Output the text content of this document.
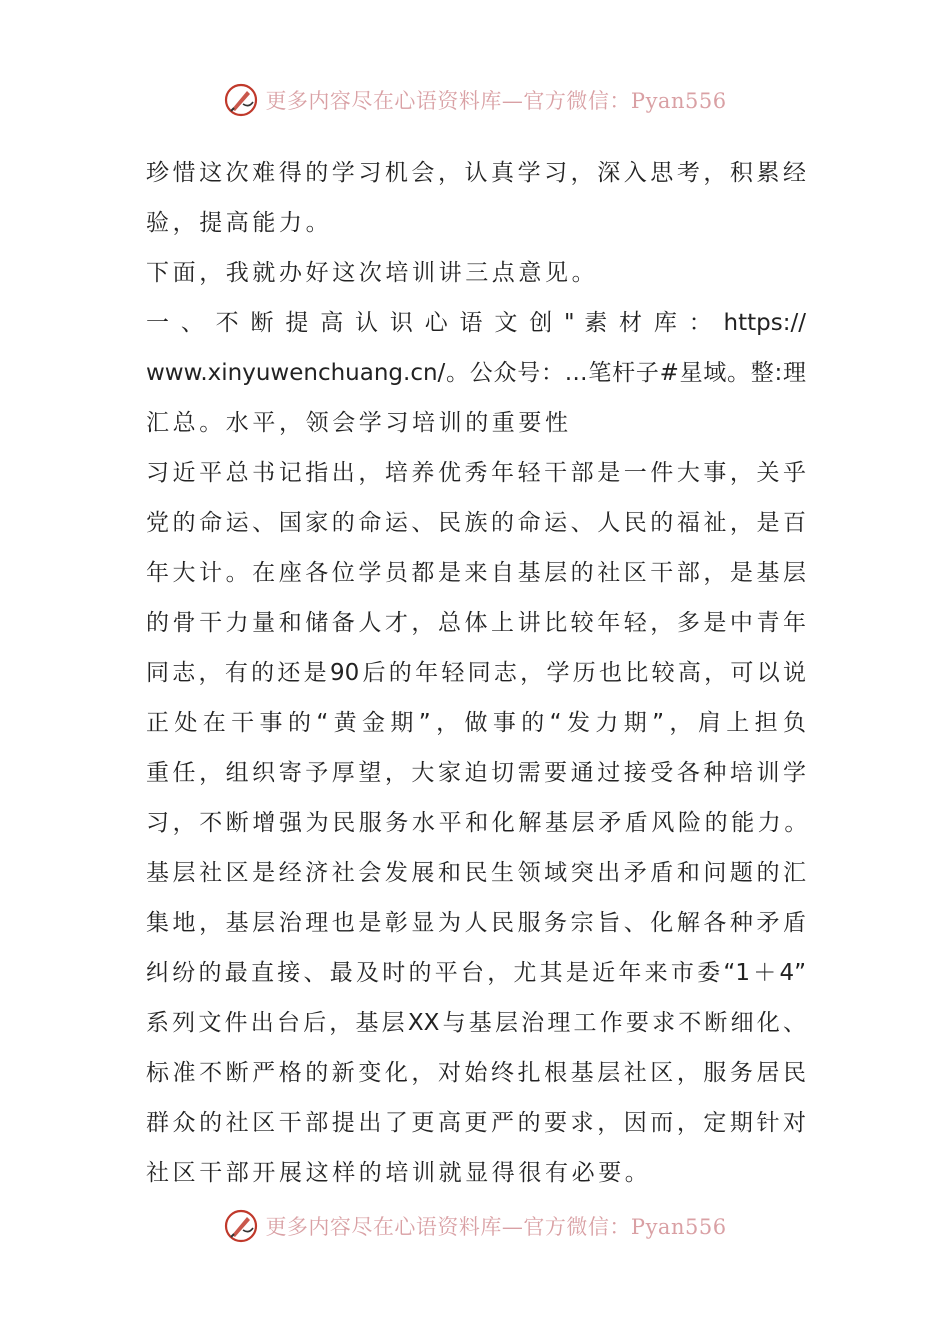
更多内容尽在心语资料库—官方微信：Pyan556
珍惜这次难得的学习机会，认真学习，深入思考，积累经
验，提高能力。
下面，我就办好这次培训讲三点意见。
一 、 不 断 提 高 认 识 心 语 文 创 " 素 材 库 ： https://
www.xinyuwenchuang.cn/。公众号：…笔杆子#星域。整:理
汇总。水平，领会学习培训的重要性
习近平总书记指出，培养优秀年轻干部是一件大事，关乎
党的命运、国家的命运、民族的命运、人民的福祉，是百
年大计。在座各位学员都是来自基层的社区干部，是基层
的骨干力量和储备人才，总体上讲比较年轻，多是中青年
同志，有的还是90后的年轻同志，学历也比较高，可以说
正处在干事的“黄金期”，做事的“发力期”，肩上担负
重任，组织寄予厚望，大家迫切需要通过接受各种培训学
习，不断增强为民服务水平和化解基层矛盾风险的能力。
基层社区是经济社会发展和民生领域突出矛盾和问题的汇
集地，基层治理也是彰显为人民服务宗旨、化解各种矛盾
纠纷的最直接、最及时的平台，尤其是近年来市委“1＋4”
系列文件出台后，基层XX与基层治理工作要求不断细化、
标准不断严格的新变化，对始终扎根基层社区，服务居民
群众的社区干部提出了更高更严的要求，因而，定期针对
社区干部开展这样的培训就显得很有必要。
更多内容尽在心语资料库—官方微信：Pyan556
